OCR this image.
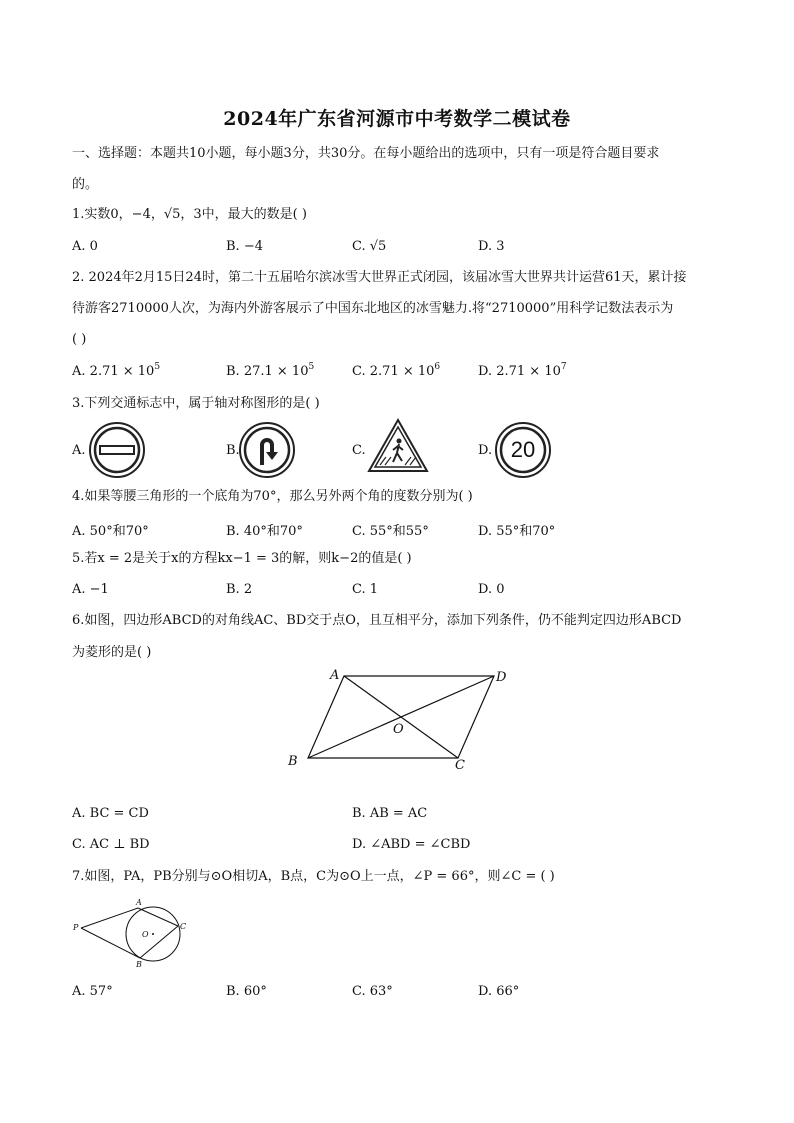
2024年广东省河源市中考数学二模试卷
一、选择题：本题共10小题，每小题3分，共30分。在每小题给出的选项中，只有一项是符合题目要求
的。
1.实数0，−4，√5，3中，最大的数是( )
A. 0	B. −4	C. √5	D. 3
2. 2024年2月15日24时，第二十五届哈尔滨冰雪大世界正式闭园，该届冰雪大世界共计运营61天，累计接
待游客2710000人次，为海内外游客展示了中国东北地区的冰雪魅力.将“2710000”用科学记数法表示为
( )
A. $2.71 \times 10^5$	B. $27.1 \times 10^5$	C. $2.71 \times 10^6$	D. $2.71 \times 10^7$
3.下列交通标志中，属于轴对称图形的是( )
A.	B.	C.	D. 20
4.如果等腰三角形的一个底角为70°，那么另外两个角的度数分别为( )
A. 50°和70°	B. 40°和70°	C. 55°和55°	D. 55°和70°
5.若x = 2是关于x的方程kx−1 = 3的解，则k−2的值是( )
A. −1	B. 2	C. 1	D. 0
6.如图，四边形ABCD的对角线AC、BD交于点O，且互相平分，添加下列条件，仍不能判定四边形ABCD
为菱形的是( )
A	D
O
B	C
A. BC = CD	B. AB = AC
C. AC ⊥ BD	D. ∠ABD = ∠CBD
7.如图，PA，PB分别与⊙O相切A，B点，C为⊙O上一点，∠P = 66°，则∠C = ( )
P
A
O
C
B
A. 57°	B. 60°	C. 63°	D. 66°
